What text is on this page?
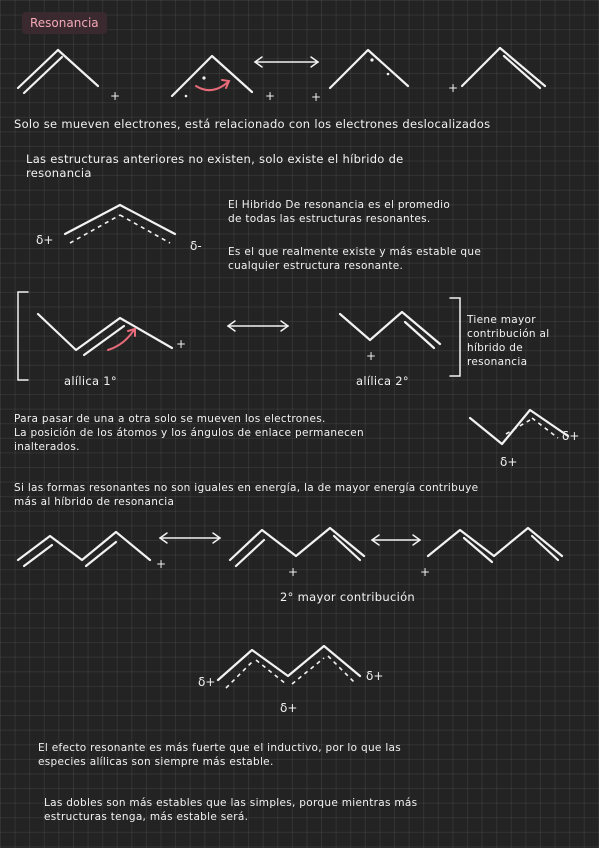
Resonancia
+	+	+
+
δ+	δ-
+
+
δ+
δ+
+
+	+
δ+	δ+
δ+
Solo se mueven electrones, está relacionado con los electrones deslocalizados
Las estructuras anteriores no existen, solo existe el híbrido de
resonancia
El Hibrido De resonancia es el promedio
de todas las estructuras resonantes.
Es el que realmente existe y más estable que
cualquier estructura resonante.
Tiene mayor
contribución al
híbrido de
resonancia
alílica 1°	alílica 2°
Para pasar de una a otra solo se mueven los electrones.
La posición de los átomos y los ángulos de enlace permanecen
inalterados.
Si las formas resonantes no son iguales en energía, la de mayor energía contribuye
más al híbrido de resonancia
2° mayor contribución
El efecto resonante es más fuerte que el inductivo, por lo que las
especies alílicas son siempre más estable.
Las dobles son más estables que las simples, porque mientras más
estructuras tenga, más estable será.
